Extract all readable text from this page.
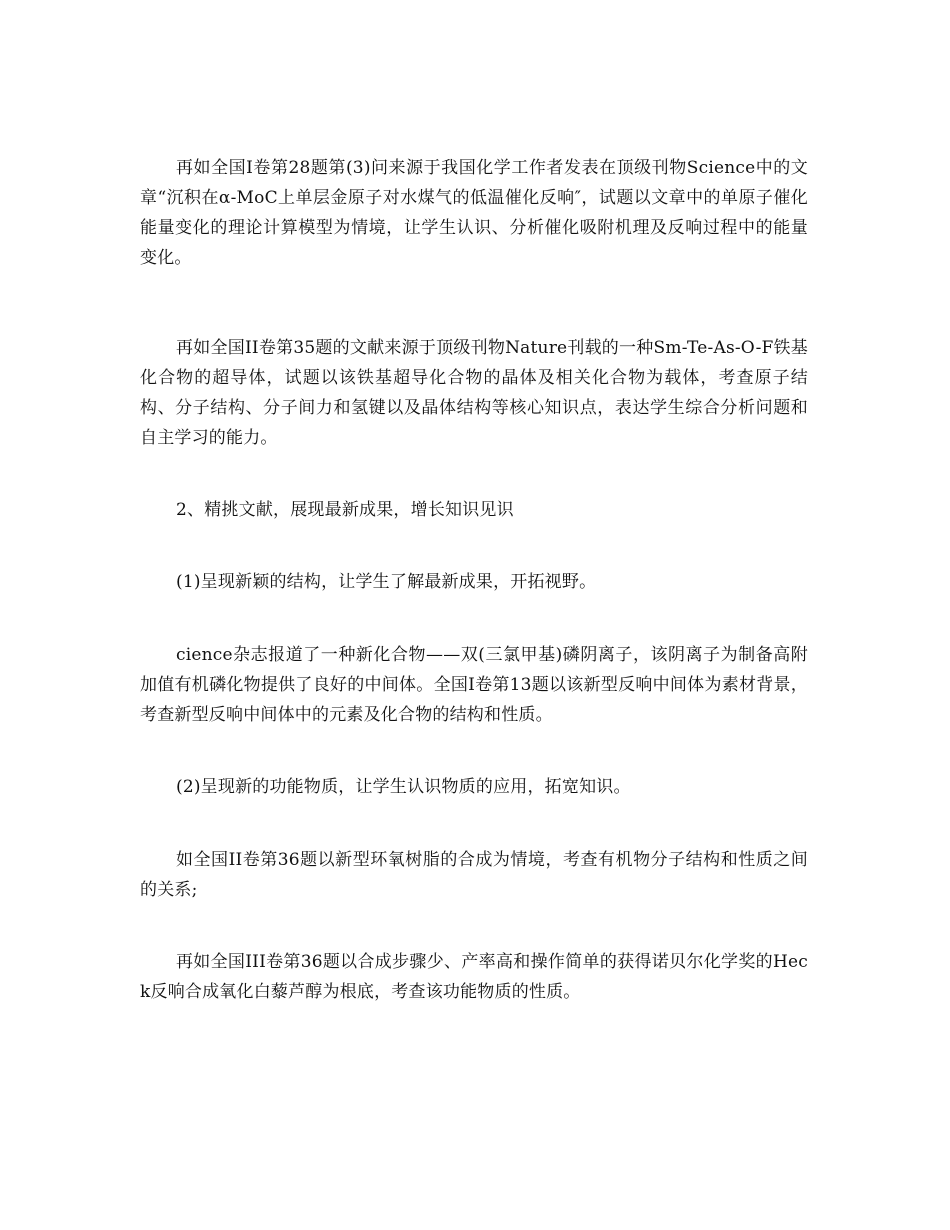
再如全国Ⅰ卷第28题第(3)问来源于我国化学工作者发表在顶级刊物Science中的文章“沉积在α-MoC上单层金原子对水煤气的低温催化反响″，试题以文章中的单原子催化能量变化的理论计算模型为情境，让学生认识、分析催化吸附机理及反响过程中的能量变化。

再如全国II卷第35题的文献来源于顶级刊物Nature刊载的一种Sm-Te-As-O-F铁基化合物的超导体，试题以该铁基超导化合物的晶体及相关化合物为载体，考查原子结构、分子结构、分子间力和氢键以及晶体结构等核心知识点，表达学生综合分析问题和自主学习的能力。

2、精挑文献，展现最新成果，增长知识见识

(1)呈现新颖的结构，让学生了解最新成果，开拓视野。

cience杂志报道了一种新化合物——双(三氯甲基)磷阴离子，该阴离子为制备高附加值有机磷化物提供了良好的中间体。全国Ⅰ卷第13题以该新型反响中间体为素材背景，考查新型反响中间体中的元素及化合物的结构和性质。

(2)呈现新的功能物质，让学生认识物质的应用，拓宽知识。

如全国II卷第36题以新型环氧树脂的合成为情境，考查有机物分子结构和性质之间的关系;

再如全国III卷第36题以合成步骤少、产率高和操作简单的获得诺贝尔化学奖的Heck反响合成氧化白藜芦醇为根底，考查该功能物质的性质。
